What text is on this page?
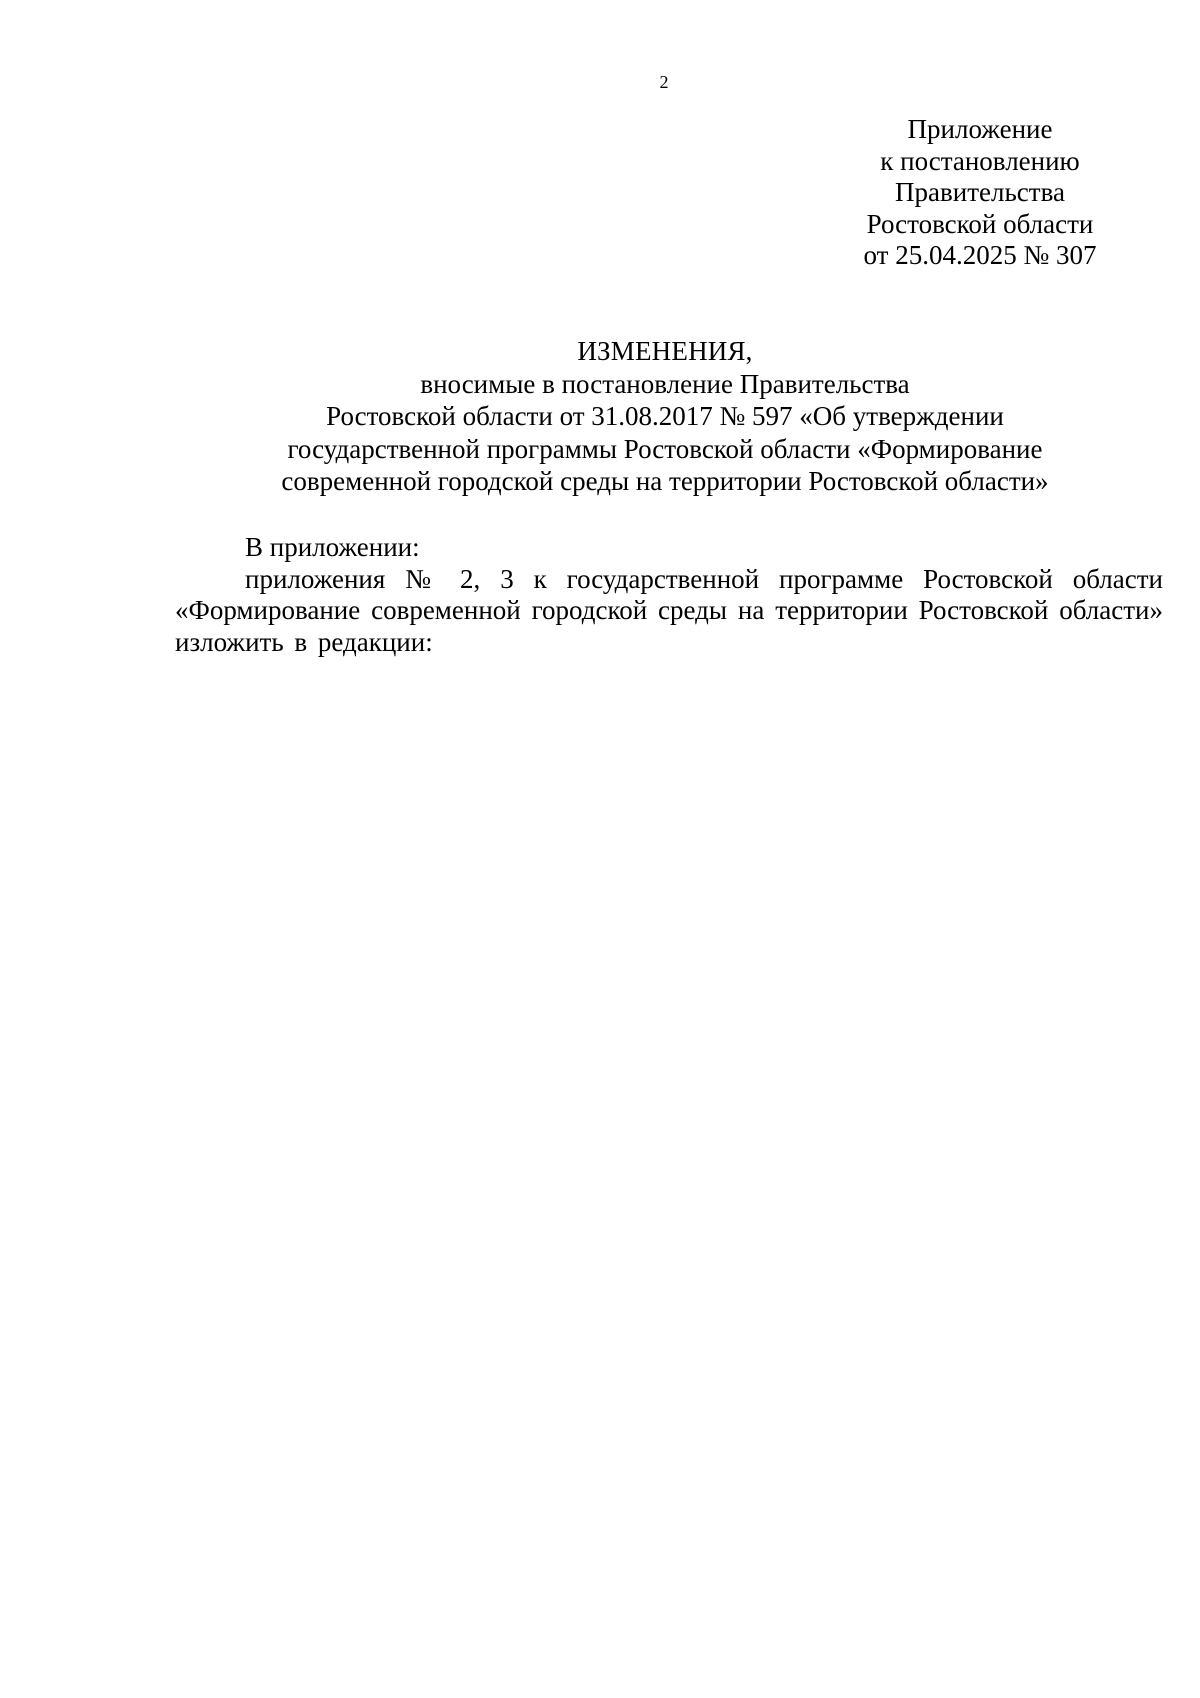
2
Приложение
к постановлению
Правительства
Ростовской области
от 25.04.2025 № 307
ИЗМЕНЕНИЯ,
вносимые в постановление Правительства
Ростовской области от 31.08.2017 № 597 «Об утверждении
государственной программы Ростовской области «Формирование
современной городской среды на территории Ростовской области»
В приложении:

приложения № 2, 3 к государственной программе Ростовской области «Формирование современной городской среды на территории Ростовской области» изложить в редакции:
